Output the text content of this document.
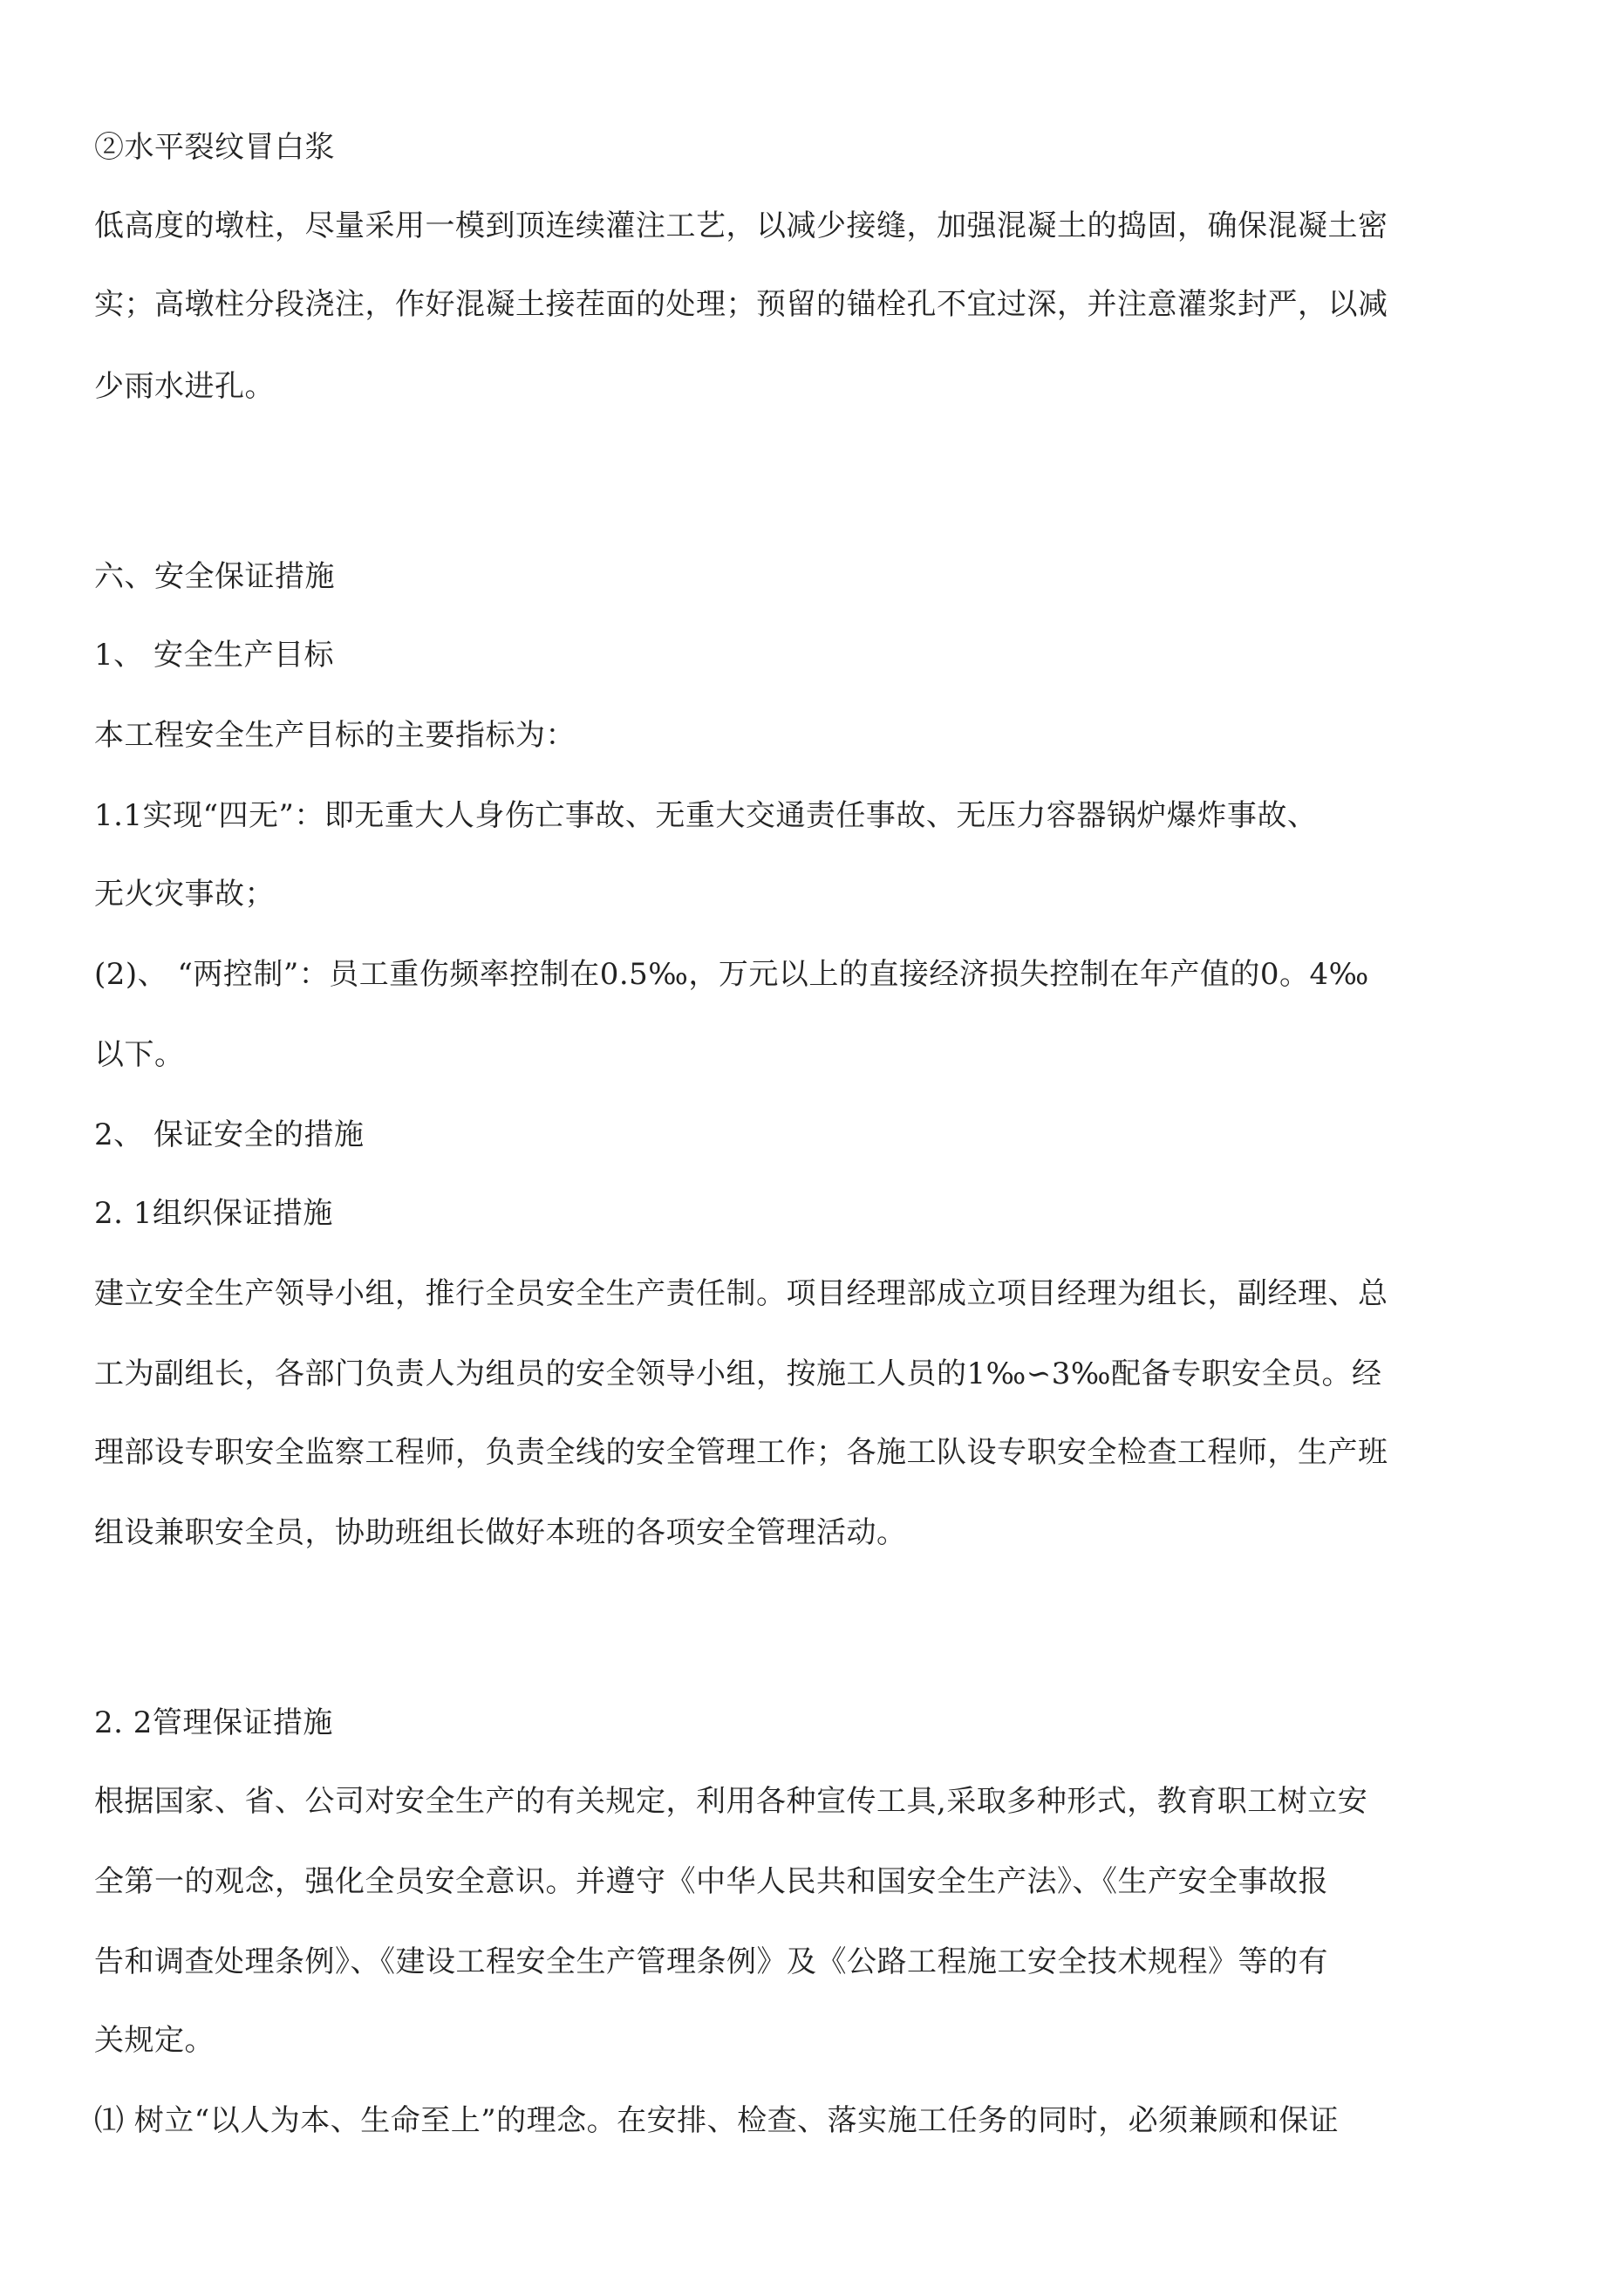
②水平裂纹冒白浆
低高度的墩柱，尽量采用一模到顶连续灌注工艺，以减少接缝，加强混凝土的捣固，确保混凝土密
实；高墩柱分段浇注，作好混凝土接茬面的处理；预留的锚栓孔不宜过深，并注意灌浆封严，以减
少雨水进孔。
六、安全保证措施
1、 安全生产目标
本工程安全生产目标的主要指标为：
1.1实现“四无”：即无重大人身伤亡事故、无重大交通责任事故、无压力容器锅炉爆炸事故、
无火灾事故；
(2)、 “两控制”：员工重伤频率控制在0.5‰，万元以上的直接经济损失控制在年产值的0。4‰
以下。
2、 保证安全的措施
2. 1组织保证措施
建立安全生产领导小组，推行全员安全生产责任制。项目经理部成立项目经理为组长，副经理、总
工为副组长，各部门负责人为组员的安全领导小组，按施工人员的1‰∽3‰配备专职安全员。经
理部设专职安全监察工程师，负责全线的安全管理工作；各施工队设专职安全检查工程师，生产班
组设兼职安全员，协助班组长做好本班的各项安全管理活动。
2. 2管理保证措施
根据国家、省、公司对安全生产的有关规定，利用各种宣传工具,采取多种形式，教育职工树立安
全第一的观念，强化全员安全意识。并遵守《中华人民共和国安全生产法》、《生产安全事故报
告和调查处理条例》、《建设工程安全生产管理条例》及《公路工程施工安全技术规程》等的有
关规定。
⑴ 树立“以人为本、生命至上”的理念。在安排、检查、落实施工任务的同时，必须兼顾和保证
